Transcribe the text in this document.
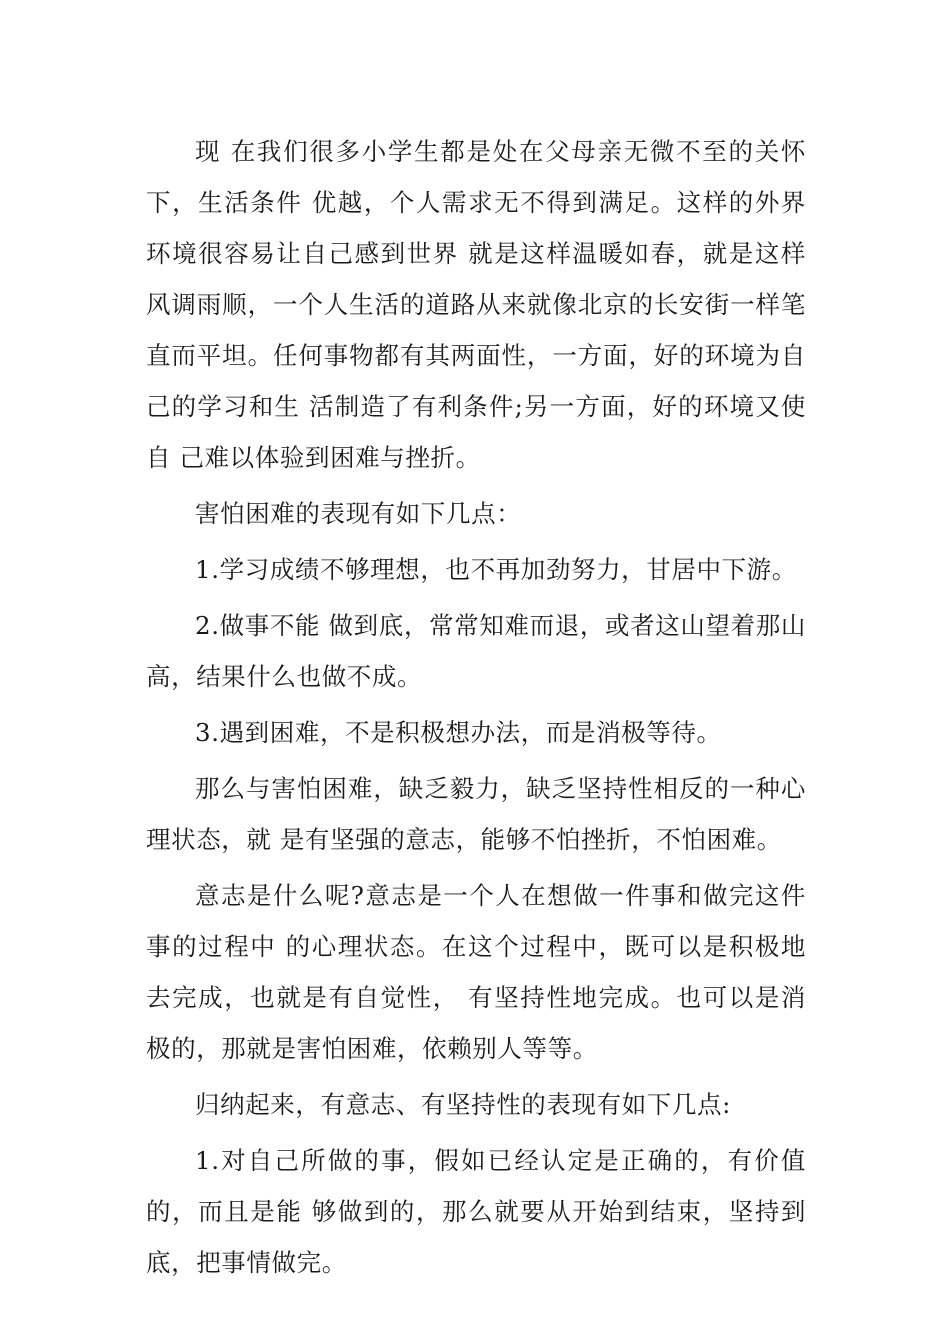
现 在我们很多小学生都是处在父母亲无微不至的关怀下，生活条件 优越，个人需求无不得到满足。这样的外界环境很容易让自己感到世界 就是这样温暖如春，就是这样风调雨顺，一个人生活的道路从来就像北京的长安街一样笔直而平坦。任何事物都有其两面性，一方面，好的环境为自己的学习和生 活制造了有利条件;另一方面，好的环境又使自 己难以体验到困难与挫折。

害怕困难的表现有如下几点：

1.学习成绩不够理想，也不再加劲努力，甘居中下游。

2.做事不能 做到底，常常知难而退，或者这山望着那山高，结果什么也做不成。

3.遇到困难，不是积极想办法，而是消极等待。

那么与害怕困难，缺乏毅力，缺乏坚持性相反的一种心理状态，就 是有坚强的意志，能够不怕挫折，不怕困难。

意志是什么呢?意志是一个人在想做一件事和做完这件事的过程中 的心理状态。在这个过程中，既可以是积极地去完成，也就是有自觉性， 有坚持性地完成。也可以是消极的，那就是害怕困难，依赖别人等等。

归纳起来，有意志、有坚持性的表现有如下几点:

1.对自己所做的事，假如已经认定是正确的，有价值的，而且是能 够做到的，那么就要从开始到结束，坚持到底，把事情做完。
